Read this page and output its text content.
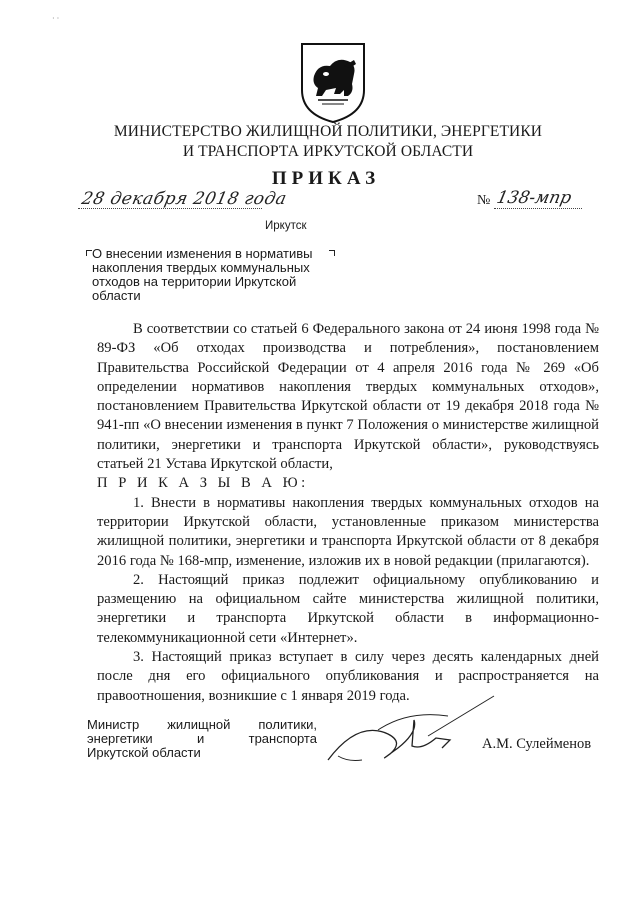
· ·
МИНИСТЕРСТВО ЖИЛИЩНОЙ ПОЛИТИКИ, ЭНЕРГЕТИКИ
И ТРАНСПОРТА ИРКУТСКОЙ ОБЛАСТИ
ПРИКАЗ
28 декабря 2018 года	№ 138-мпр
Иркутск
О внесении изменения в нормативы
накопления твердых коммунальных
отходов на территории Иркутской
области

В соответствии со статьей 6 Федерального закона от 24 июня 1998 года № 89-ФЗ «Об отходах производства и потребления», постановлением Правительства Российской Федерации от 4 апреля 2016 года № 269 «Об определении нормативов накопления твердых коммунальных отходов», постановлением Правительства Иркутской области от 19 декабря 2018 года № 941-пп «О внесении изменения в пункт 7 Положения о министерстве жилищной политики, энергетики и транспорта Иркутской области», руководствуясь статьей 21 Устава Иркутской области,

П Р И К А З Ы В А Ю:

1. Внести в нормативы накопления твердых коммунальных отходов на территории Иркутской области, установленные приказом министерства жилищной политики, энергетики и транспорта Иркутской области от 8 декабря 2016 года № 168-мпр, изменение, изложив их в новой редакции (прилагаются).

2. Настоящий приказ подлежит официальному опубликованию и размещению на официальном сайте министерства жилищной политики, энергетики и транспорта Иркутской области в информационно-телекоммуникационной сети «Интернет».

3. Настоящий приказ вступает в силу через десять календарных дней после дня его официального опубликования и распространяется на правоотношения, возникшие с 1 января 2019 года.

Министр жилищной политики,
энергетики	и	транспорта
Иркутской области
А.М. Сулейменов
